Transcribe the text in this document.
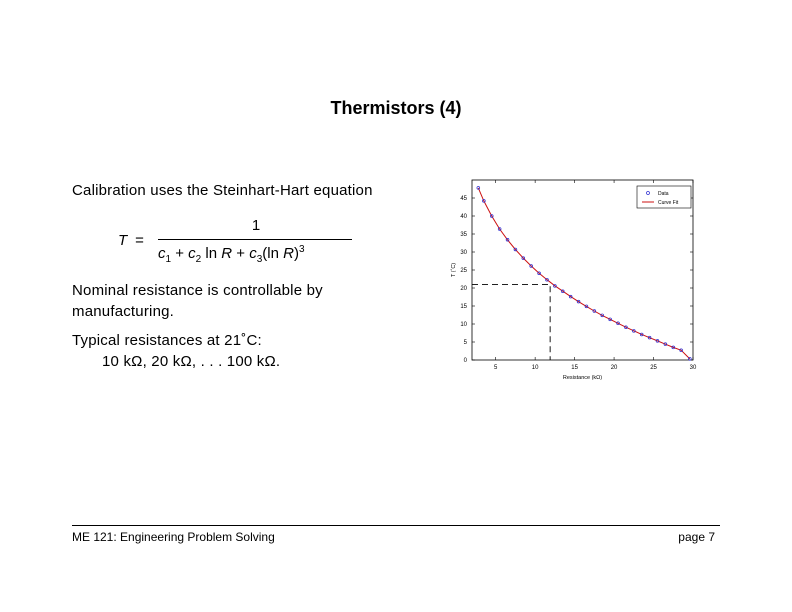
Thermistors (4)
Calibration uses the Steinhart-Hart equation
T =
1
$c_1 + c_2$ $\ln R + c_3(\ln$ R)$^3$
Nominal resistance is controllable by
manufacturing.
Typical resistances at 21˚C:
10 kΩ, 20 kΩ, . . . 100 kΩ.	5	10	15	20	25	30
0
5
10
15
20
25
30
35
40
45
Resistance (kΩ)
T (˚C)
Data
Curve Fit
ME 121: Engineering Problem Solving	page 7
